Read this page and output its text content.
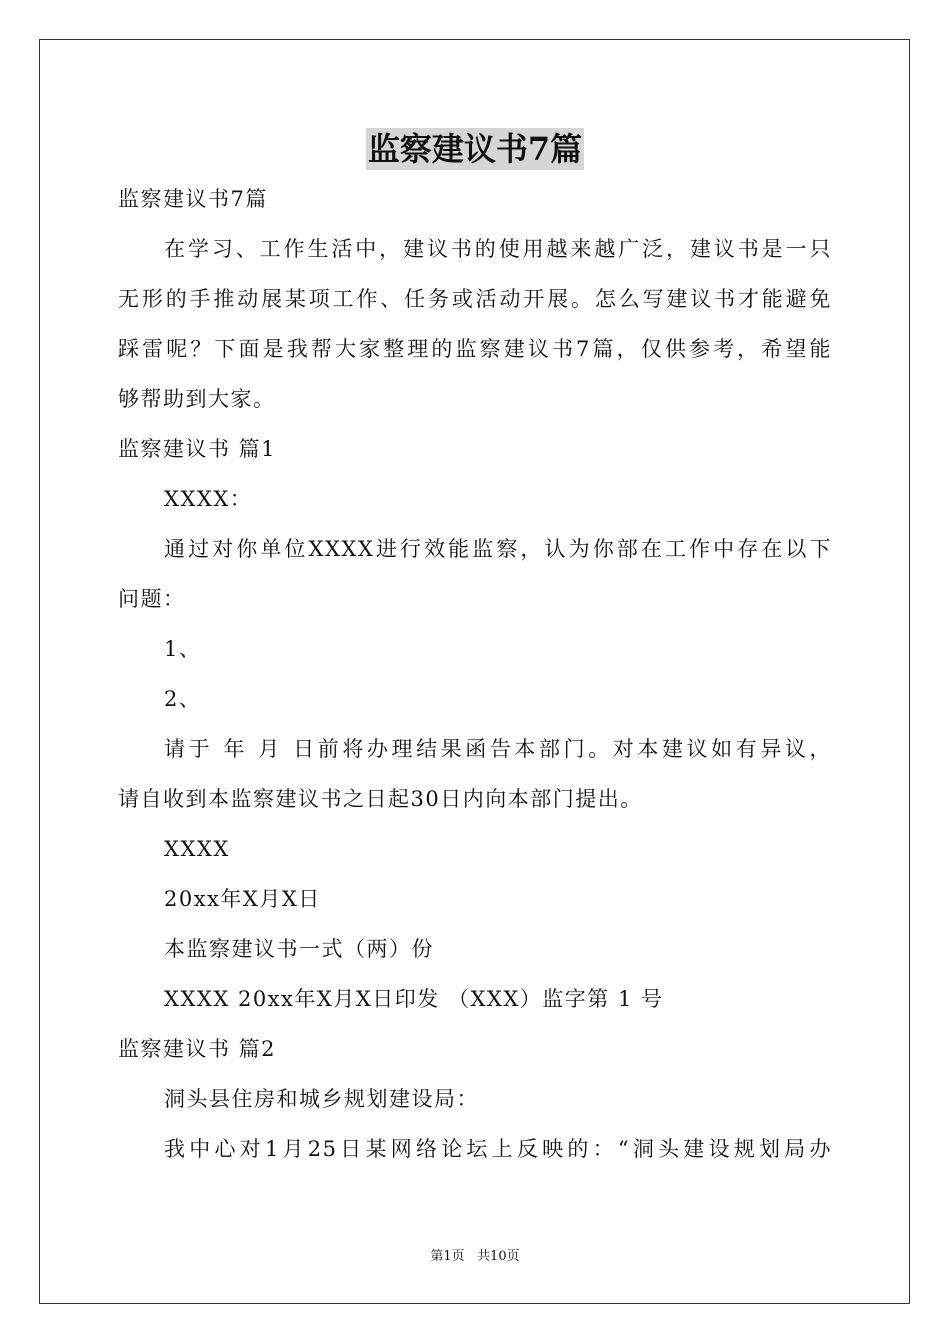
监察建议书7篇
监察建议书7篇
在学习、工作生活中，建议书的使用越来越广泛，建议书是一只
无形的手推动展某项工作、任务或活动开展。怎么写建议书才能避免
踩雷呢？下面是我帮大家整理的监察建议书7篇，仅供参考，希望能
够帮助到大家。
监察建议书 篇1
XXXX：
通过对你单位XXXX进行效能监察，认为你部在工作中存在以下
问题：
1、
2、
请于 年 月 日前将办理结果函告本部门。对本建议如有异议，
请自收到本监察建议书之日起30日内向本部门提出。
XXXX
20xx年X月X日
本监察建议书一式（两）份
XXXX 20xx年X月X日印发 （XXX）监字第 1 号
监察建议书 篇2
洞头县住房和城乡规划建设局：
我中心对1月25日某网络论坛上反映的：“洞头建设规划局办
第1页   共10页
